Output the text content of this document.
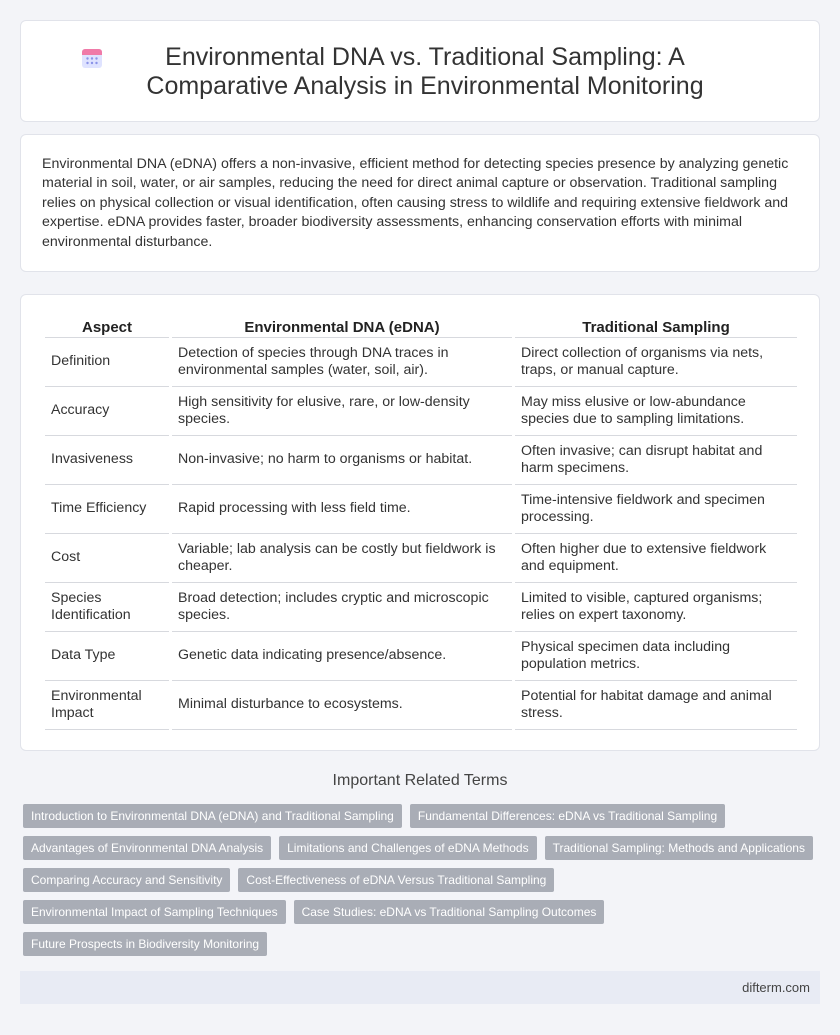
Environmental DNA vs. Traditional Sampling: A Comparative Analysis in Environmental Monitoring

Environmental DNA (eDNA) offers a non-invasive, efficient method for detecting species presence by analyzing genetic material in soil, water, or air samples, reducing the need for direct animal capture or observation. Traditional sampling relies on physical collection or visual identification, often causing stress to wildlife and requiring extensive fieldwork and expertise. eDNA provides faster, broader biodiversity assessments, enhancing conservation efforts with minimal environmental disturbance.

Aspect	Environmental DNA (eDNA)	Traditional Sampling
Definition	Detection of species through DNA traces in environmental samples (water, soil, air).	Direct collection of organisms via nets, traps, or manual capture.
Accuracy	High sensitivity for elusive, rare, or low-density species.	May miss elusive or low-abundance species due to sampling limitations.
Invasiveness	Non-invasive; no harm to organisms or habitat.	Often invasive; can disrupt habitat and harm specimens.
Time Efficiency	Rapid processing with less field time.	Time-intensive fieldwork and specimen processing.
Cost	Variable; lab analysis can be costly but fieldwork is cheaper.	Often higher due to extensive fieldwork and equipment.
Species Identification	Broad detection; includes cryptic and microscopic species.	Limited to visible, captured organisms; relies on expert taxonomy.
Data Type	Genetic data indicating presence/absence.	Physical specimen data including population metrics.
Environmental Impact	Minimal disturbance to ecosystems.	Potential for habitat damage and animal stress.
Important Related Terms
Introduction to Environmental DNA (eDNA) and Traditional Sampling	Fundamental Differences: eDNA vs Traditional Sampling
Advantages of Environmental DNA Analysis	Limitations and Challenges of eDNA Methods	Traditional Sampling: Methods and Applications
Comparing Accuracy and Sensitivity	Cost-Effectiveness of eDNA Versus Traditional Sampling
Environmental Impact of Sampling Techniques	Case Studies: eDNA vs Traditional Sampling Outcomes
Future Prospects in Biodiversity Monitoring
difterm.com
